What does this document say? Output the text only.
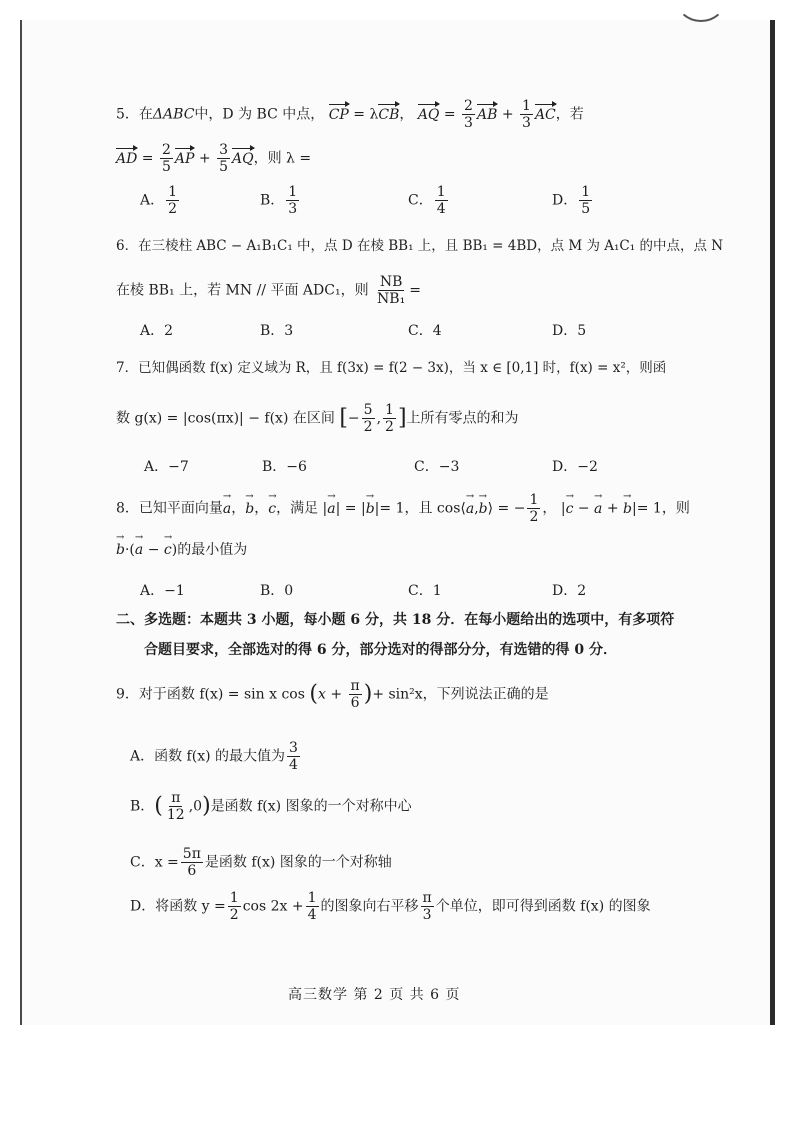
5．在ΔABC中，D 为 BC 中点， CP = λCB， AQ = $\frac{2}{3}$ AB + $\frac{1}{3}$ AC，若
AD = $\frac{2}{5}$ AP + $\frac{3}{5}$ AQ，则 λ =
A． $\frac{1}{2}$	B． $\frac{1}{3}$	C． $\frac{1}{4}$	D． $\frac{1}{5}$
6．在三棱柱 ABC − A₁B₁C₁ 中，点 D 在棱 BB₁ 上，且 BB₁ = 4BD，点 M 为 A₁C₁ 的中点，点 N
在棱 BB₁ 上，若 MN // 平面 ADC₁，则 $\frac{NB}{\text{NB₁}}$ =
A．2	B．3	C．4	D．5
7．已知偶函数 f(x) 定义域为 R，且 f(3x) = f(2 − 3x)，当 x ∈ [0,1] 时，f(x) = x²，则函
数 g(x) = |cos(πx)| − f(x) 在区间 [− $\frac{5}{2}$ , $\frac{1}{2}$ ]上所有零点的和为
A．−7	B．−6	C．−3	D．−2
8．已知平面向量a →，b →，c →，满足 |a →| = |b →|= 1，且 cos⟨a →,b →⟩ = − $\frac{1}{2}$ ， |c → − a → + b →|= 1，则
b →·(a → − c →)的最小值为
A．−1	B．0	C．1	D．2
二、多选题：本题共 3 小题，每小题 6 分，共 18 分．在每小题给出的选项中，有多项符
合题目要求，全部选对的得 6 分，部分选对的得部分分，有选错的得 0 分．
9．对于函数 f(x) = sin x $\cos (x + \frac{\pi}{6}$ )+ sin²x，下列说法正确的是
A．函数 f(x) 的最大值为 $\frac{3}{4}$
B．( $\frac{\pi}{12} ,0$)是函数 f(x) 图象的一个对称中心
C．$x = \frac{5\pi}{6}$ 是函数 f(x) 图象的一个对称轴
D．将函数 $y = \frac{1}{2}$ $\cos 2x + \frac{1}{4}$ 的图象向右平移 $\frac{\pi}{3}$ 个单位，即可得到函数 f(x) 的图象
高三数学 第 2 页 共 6 页
